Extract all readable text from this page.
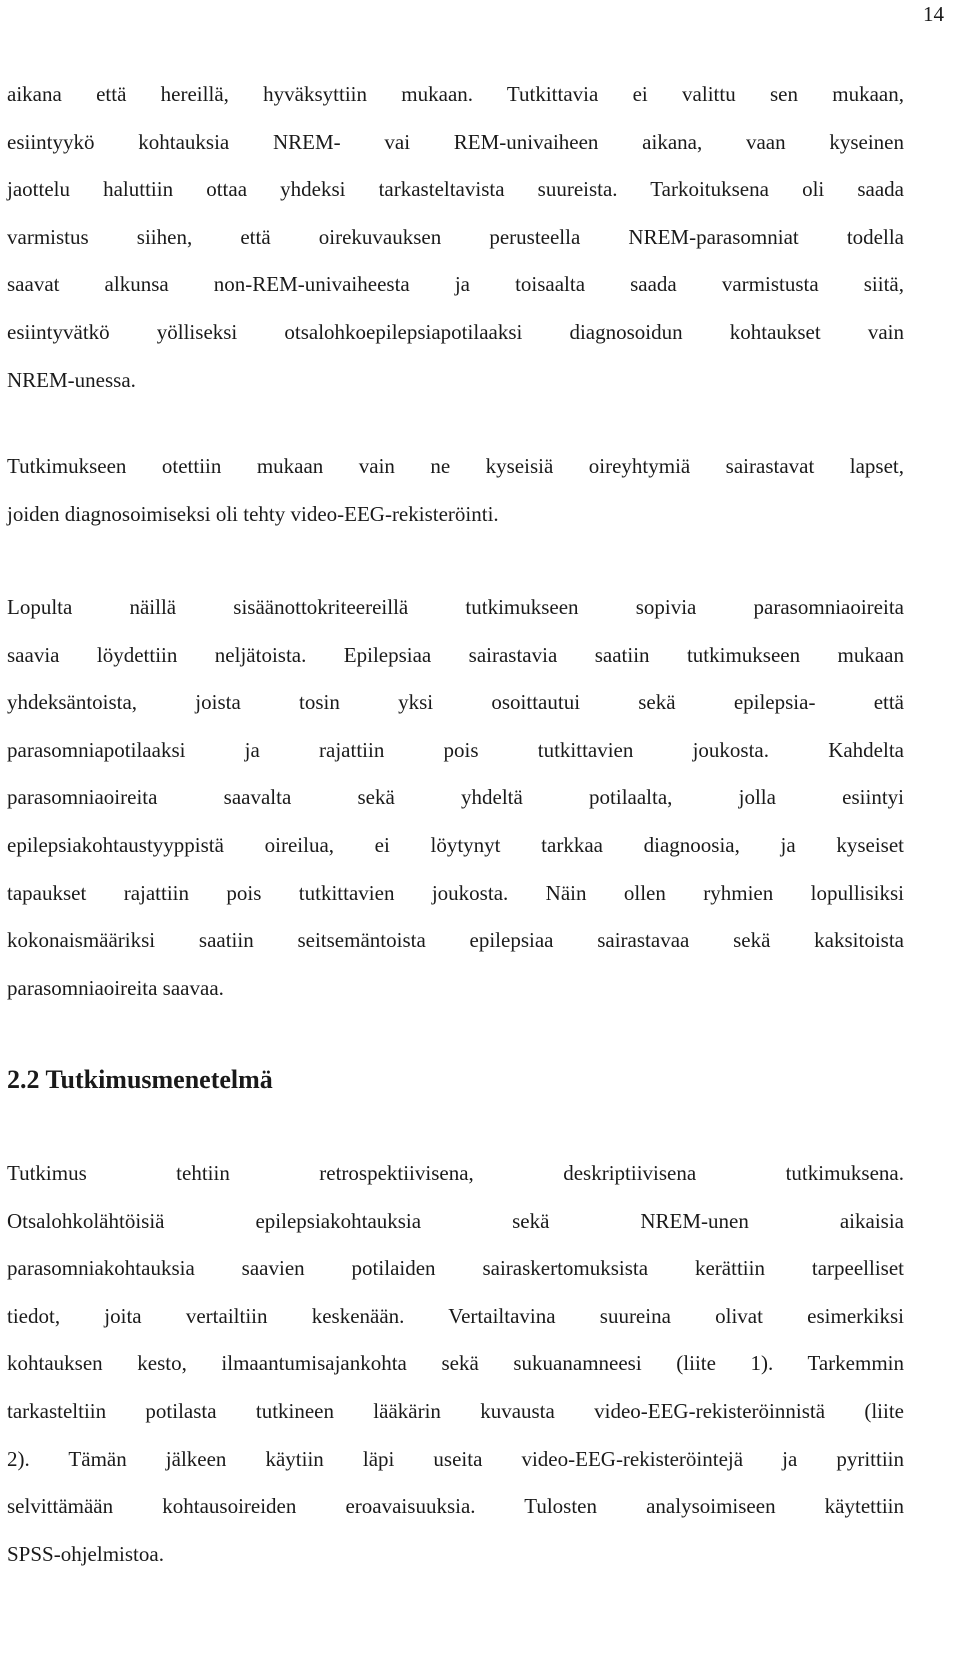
14
aikana että hereillä, hyväksyttiin mukaan. Tutkittavia ei valittu sen mukaan,
esiintyykö kohtauksia NREM- vai REM-univaiheen aikana, vaan kyseinen
jaottelu haluttiin ottaa yhdeksi tarkasteltavista suureista. Tarkoituksena oli saada
varmistus siihen, että oirekuvauksen perusteella NREM-parasomniat todella
saavat alkunsa non-REM-univaiheesta ja toisaalta saada varmistusta siitä,
esiintyvätkö yölliseksi otsalohkoepilepsiapotilaaksi diagnosoidun kohtaukset vain
NREM-unessa.
Tutkimukseen otettiin mukaan vain ne kyseisiä oireyhtymiä sairastavat lapset,
joiden diagnosoimiseksi oli tehty video-EEG-rekisteröinti.
Lopulta näillä sisäänottokriteereillä tutkimukseen sopivia parasomniaoireita
saavia löydettiin neljätoista. Epilepsiaa sairastavia saatiin tutkimukseen mukaan
yhdeksäntoista, joista tosin yksi osoittautui sekä epilepsia- että
parasomniapotilaaksi ja rajattiin pois tutkittavien joukosta. Kahdelta
parasomniaoireita saavalta sekä yhdeltä potilaalta, jolla esiintyi
epilepsiakohtaustyyppistä oireilua, ei löytynyt tarkkaa diagnoosia, ja kyseiset
tapaukset rajattiin pois tutkittavien joukosta. Näin ollen ryhmien lopullisiksi
kokonaismääriksi saatiin seitsemäntoista epilepsiaa sairastavaa sekä kaksitoista
parasomniaoireita saavaa.
2.2 Tutkimusmenetelmä
Tutkimus tehtiin retrospektiivisena, deskriptiivisena tutkimuksena.
Otsalohkolähtöisiä epilepsiakohtauksia sekä NREM-unen aikaisia
parasomniakohtauksia saavien potilaiden sairaskertomuksista kerättiin tarpeelliset
tiedot, joita vertailtiin keskenään. Vertailtavina suureina olivat esimerkiksi
kohtauksen kesto, ilmaantumisajankohta sekä sukuanamneesi (liite 1). Tarkemmin
tarkasteltiin potilasta tutkineen lääkärin kuvausta video-EEG-rekisteröinnistä (liite
2). Tämän jälkeen käytiin läpi useita video-EEG-rekisteröintejä ja pyrittiin
selvittämään kohtausoireiden eroavaisuuksia. Tulosten analysoimiseen käytettiin
SPSS-ohjelmistoa.
